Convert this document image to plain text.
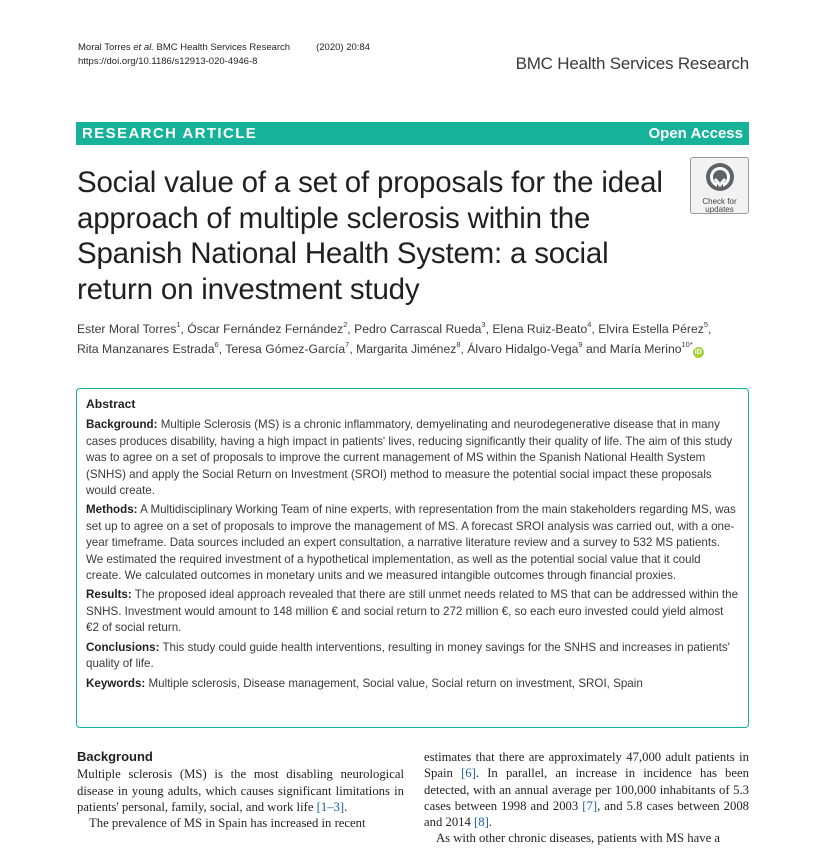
Moral Torres et al. BMC Health Services Research	(2020) 20:84
https://doi.org/10.1186/s12913-020-4946-8	BMC Health Services Research
RESEARCH ARTICLE	Open Access
Social value of a set of proposals for the ideal approach of multiple sclerosis within the Spanish National Health System: a social return on investment study
Check for
updates
Ester Moral Torres$^1$, Óscar Fernández Fernández$^2$, Pedro Carrascal Rueda$^3$, Elena Ruiz-Beato$^4$, Elvira Estella Pérez$^5$,
Rita Manzanares Estrada$^6$, Teresa Gómez-García$^7$, Margarita Jiménez$^8$, Álvaro Hidalgo-Vega$^9$ and María Merino$^{10*}$iD
Abstract

Background: Multiple Sclerosis (MS) is a chronic inflammatory, demyelinating and neurodegenerative disease that in many cases produces disability, having a high impact in patients' lives, reducing significantly their quality of life. The aim of this study was to agree on a set of proposals to improve the current management of MS within the Spanish National Health System (SNHS) and apply the Social Return on Investment (SROI) method to measure the potential social impact these proposals would create.

Methods: A Multidisciplinary Working Team of nine experts, with representation from the main stakeholders regarding MS, was set up to agree on a set of proposals to improve the management of MS. A forecast SROI analysis was carried out, with a one-year timeframe. Data sources included an expert consultation, a narrative literature review and a survey to 532 MS patients. We estimated the required investment of a hypothetical implementation, as well as the potential social value that it could create. We calculated outcomes in monetary units and we measured intangible outcomes through financial proxies.

Results: The proposed ideal approach revealed that there are still unmet needs related to MS that can be addressed within the SNHS. Investment would amount to 148 million € and social return to 272 million €, so each euro invested could yield almost €2 of social return.

Conclusions: This study could guide health interventions, resulting in money savings for the SNHS and increases in patients' quality of life.

Keywords: Multiple sclerosis, Disease management, Social value, Social return on investment, SROI, Spain

Background

Multiple sclerosis (MS) is the most disabling neurological disease in young adults, which causes significant limitations in patients' personal, family, social, and work life [1–3].

The prevalence of MS in Spain has increased in recent

estimates that there are approximately 47,000 adult patients in Spain [6]. In parallel, an increase in incidence has been detected, with an annual average per 100,000 inhabitants of 5.3 cases between 1998 and 2003 [7], and 5.8 cases between 2008 and 2014 [8].

As with other chronic diseases, patients with MS have a
